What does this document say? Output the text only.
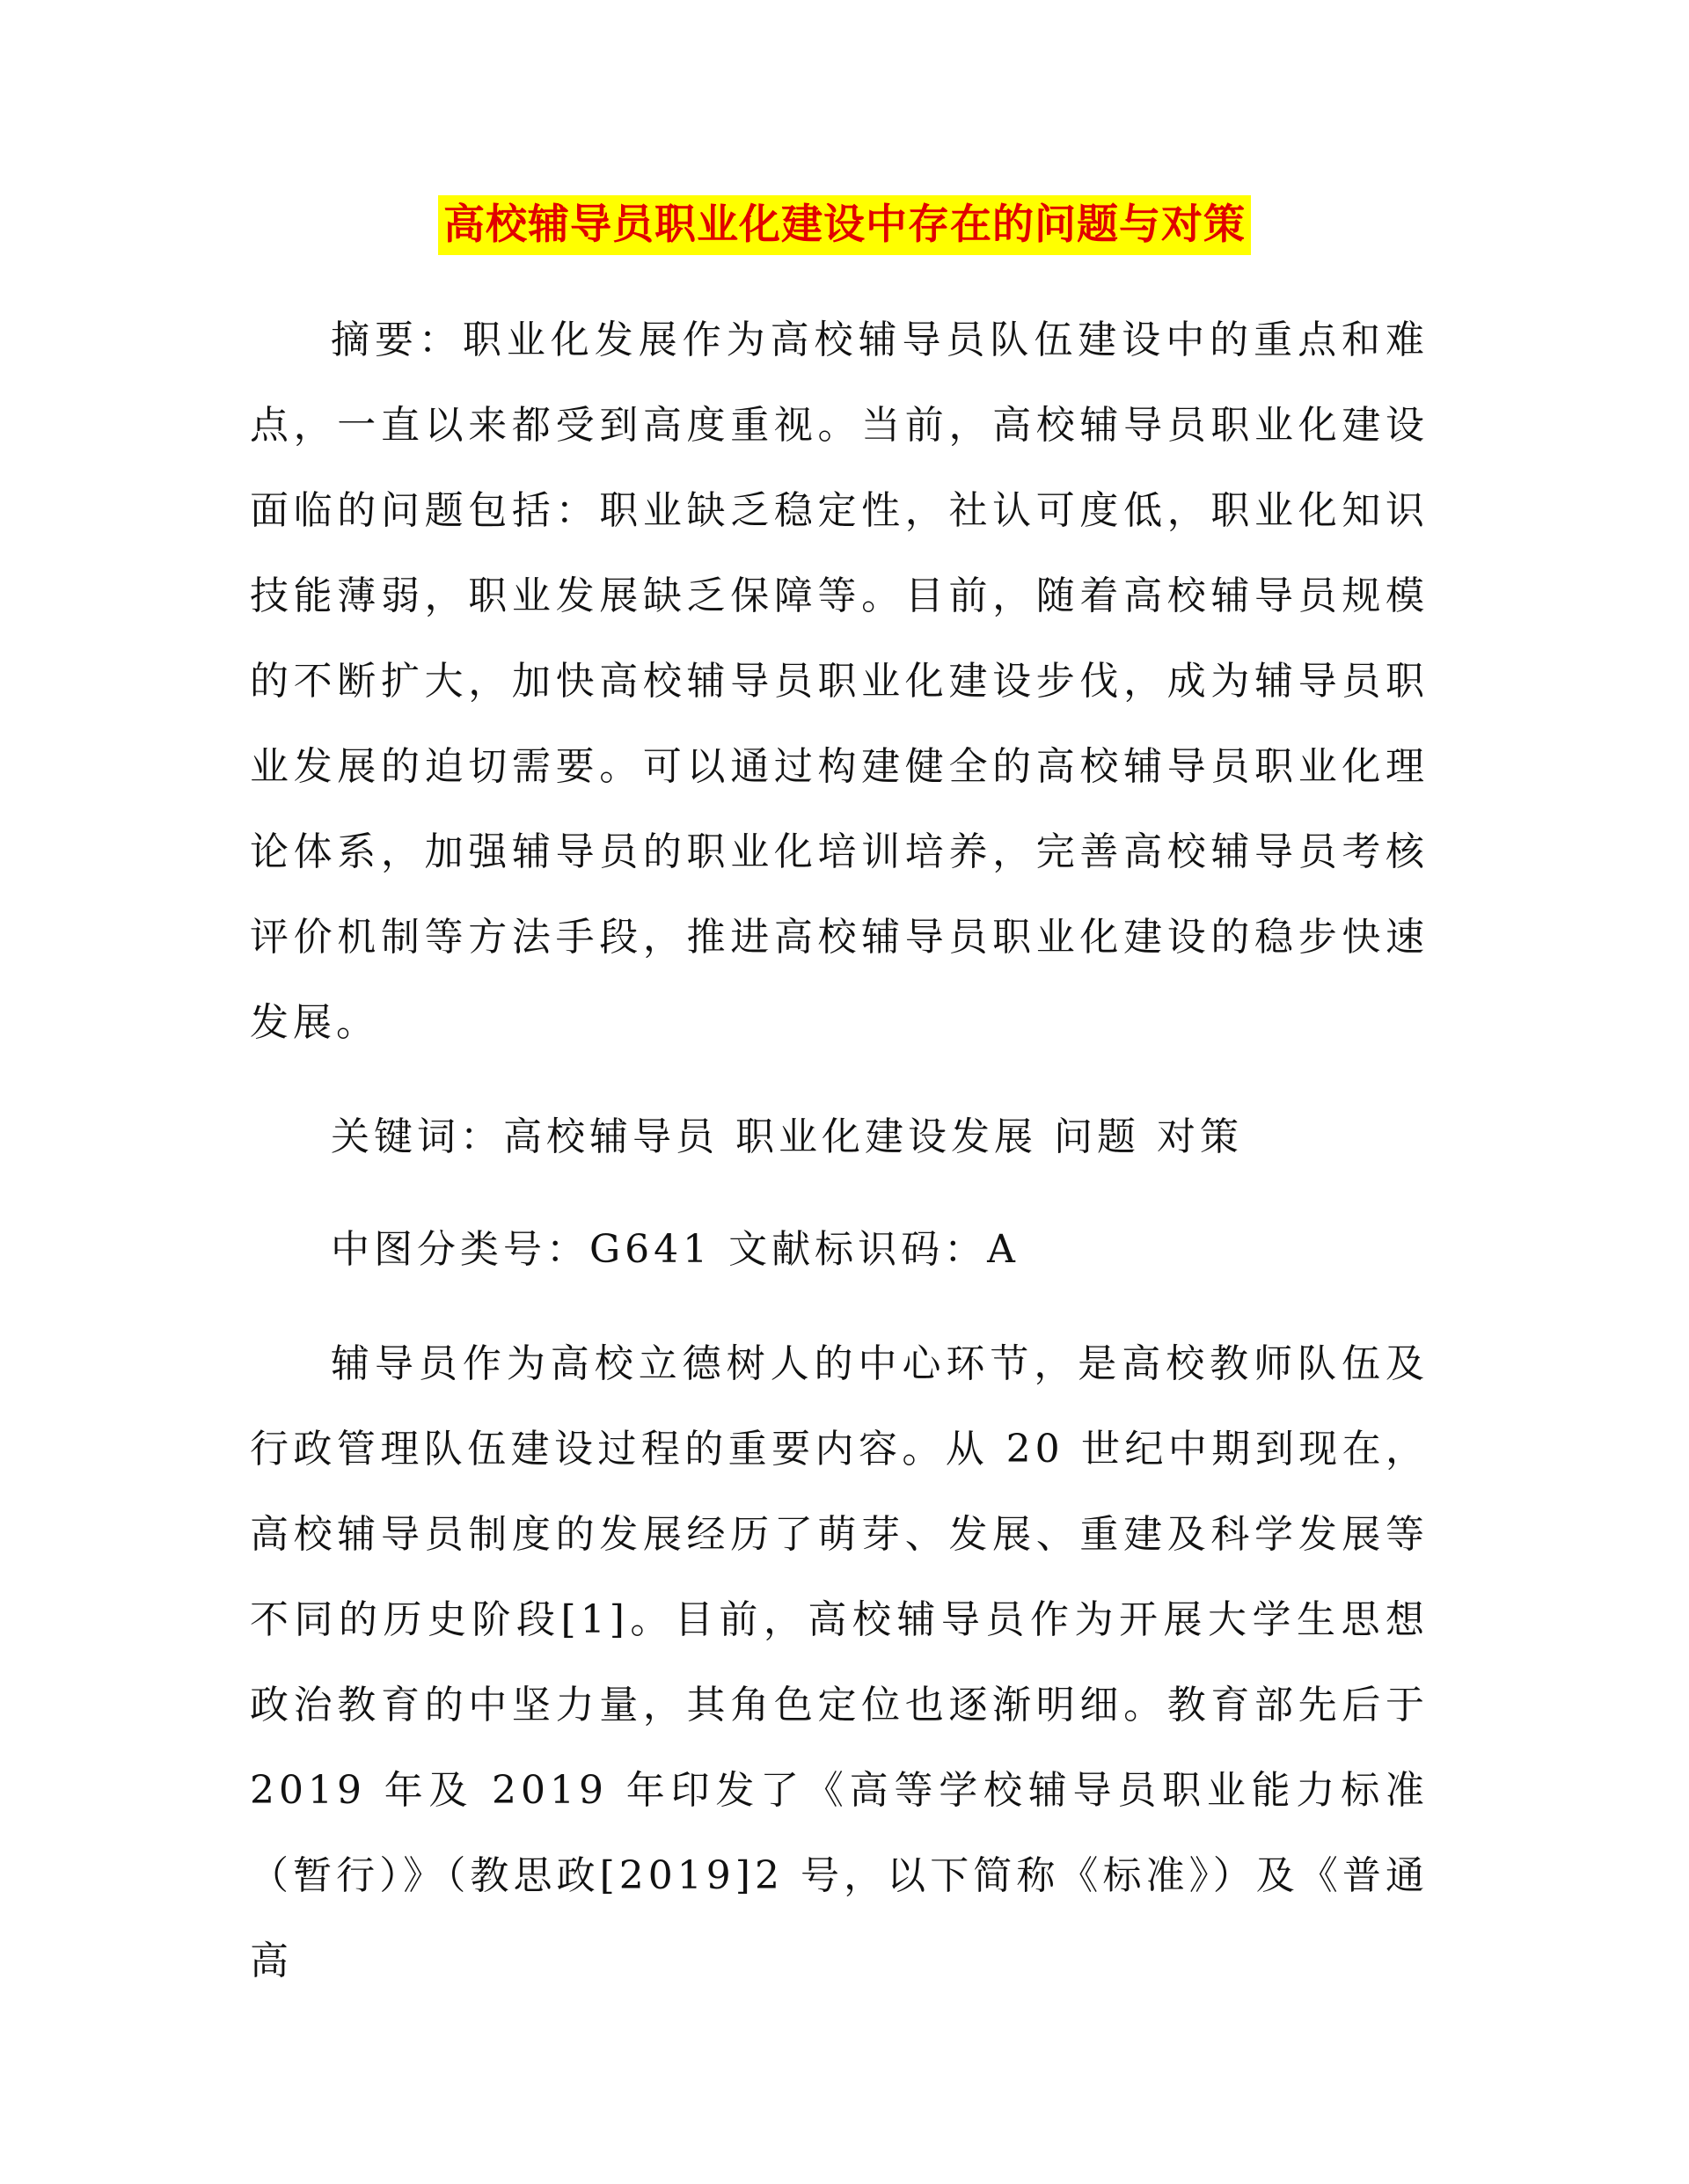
高校辅导员职业化建设中存在的问题与对策

摘要：职业化发展作为高校辅导员队伍建设中的重点和难点，一直以来都受到高度重视。当前，高校辅导员职业化建设面临的问题包括：职业缺乏稳定性，社认可度低，职业化知识技能薄弱，职业发展缺乏保障等。目前，随着高校辅导员规模的不断扩大，加快高校辅导员职业化建设步伐，成为辅导员职业发展的迫切需要。可以通过构建健全的高校辅导员职业化理论体系，加强辅导员的职业化培训培养，完善高校辅导员考核评价机制等方法手段，推进高校辅导员职业化建设的稳步快速发展。

关键词：高校辅导员 职业化建设发展 问题 对策

中图分类号：G641 文献标识码：A

辅导员作为高校立德树人的中心环节，是高校教师队伍及行政管理队伍建设过程的重要内容。从 20 世纪中期到现在，高校辅导员制度的发展经历了萌芽、发展、重建及科学发展等不同的历史阶段[1]。目前，高校辅导员作为开展大学生思想政治教育的中坚力量，其角色定位也逐渐明细。教育部先后于2019 年及 2019 年印发了《高等学校辅导员职业能力标准（暂行）》（教思政[2019]2 号，以下简称《标准》）及《普通高
